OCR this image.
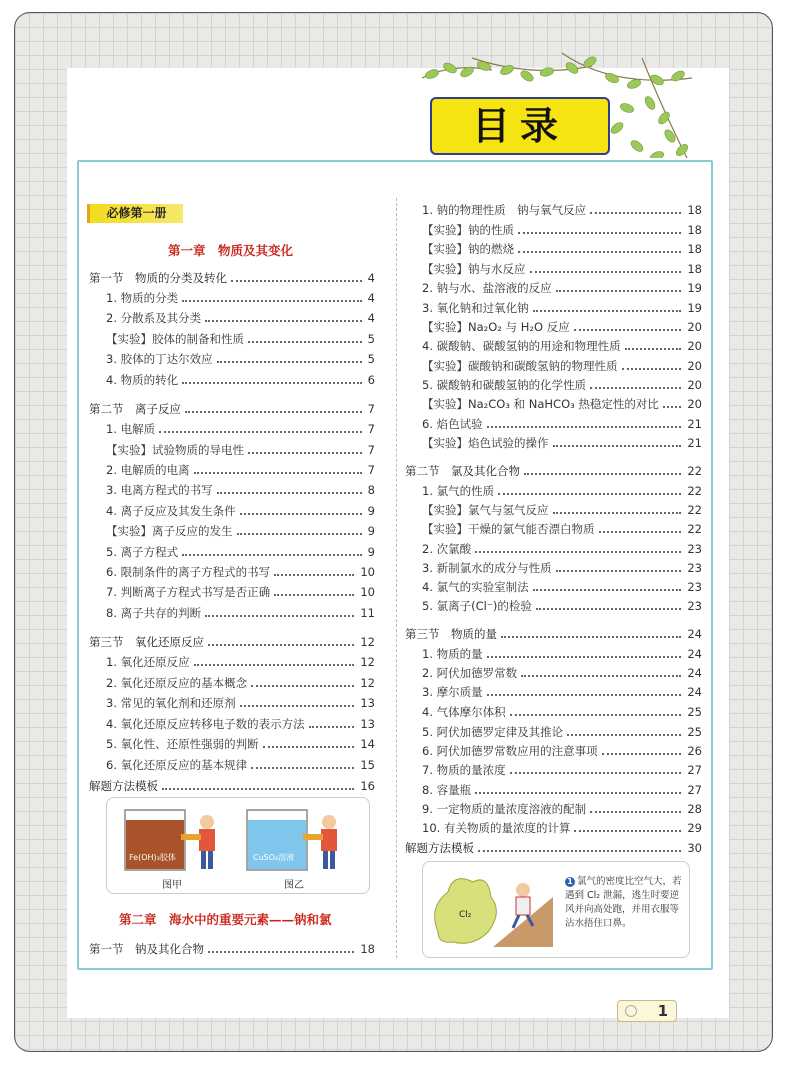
目录
必修第一册
第一章　物质及其变化
第二章　海水中的重要元素——钠和氯
第一节　物质的分类及转化	4
1. 物质的分类	4
2. 分散系及其分类	4
【实验】胶体的制备和性质	5
3. 胶体的丁达尔效应	5
4. 物质的转化	6
第二节　离子反应	7
1. 电解质	7
【实验】试验物质的导电性	7
2. 电解质的电离	7
3. 电离方程式的书写	8
4. 离子反应及其发生条件	9
【实验】离子反应的发生	9
5. 离子方程式	9
6. 限制条件的离子方程式的书写	10
7. 判断离子方程式书写是否正确	10
8. 离子共存的判断	11
第三节　氧化还原反应	12
1. 氧化还原反应	12
2. 氧化还原反应的基本概念	12
3. 常见的氧化剂和还原剂	13
4. 氧化还原反应转移电子数的表示方法	13
5. 氧化性、还原性强弱的判断	14
6. 氧化还原反应的基本规律	15
解题方法模板	16
1. 钠的物理性质　钠与氧气反应	18
【实验】钠的性质	18
【实验】钠的燃烧	18
【实验】钠与水反应	18
2. 钠与水、盐溶液的反应	19
3. 氧化钠和过氧化钠	19
【实验】Na₂O₂ 与 H₂O 反应	20
4. 碳酸钠、碳酸氢钠的用途和物理性质	20
【实验】碳酸钠和碳酸氢钠的物理性质	20
5. 碳酸钠和碳酸氢钠的化学性质	20
【实验】Na₂CO₃ 和 NaHCO₃ 热稳定性的对比	20
6. 焰色试验	21
【实验】焰色试验的操作	21
第二节　氯及其化合物	22
1. 氯气的性质	22
【实验】氯气与氢气反应	22
【实验】干燥的氯气能否漂白物质	22
2. 次氯酸	23
3. 新制氯水的成分与性质	23
4. 氯气的实验室制法	23
5. 氯离子(Cl⁻)的检验	23
第三节　物质的量	24
1. 物质的量	24
2. 阿伏加德罗常数	24
3. 摩尔质量	24
4. 气体摩尔体积	25
5. 阿伏加德罗定律及其推论	25
6. 阿伏加德罗常数应用的注意事项	26
7. 物质的量浓度	27
8. 容量瓶	27
9. 一定物质的量浓度溶液的配制	28
10. 有关物质的量浓度的计算	29
解题方法模板	30
第一节　钠及其化合物	18
Fe(OH)₃胶体	CuSO₄溶液
图甲	图乙
Cl₂
1 氯气的密度比空气大，若遇到 Cl₂ 泄漏，逃生时要逆风并向高处跑，并用衣服等沾水捂住口鼻。
1
